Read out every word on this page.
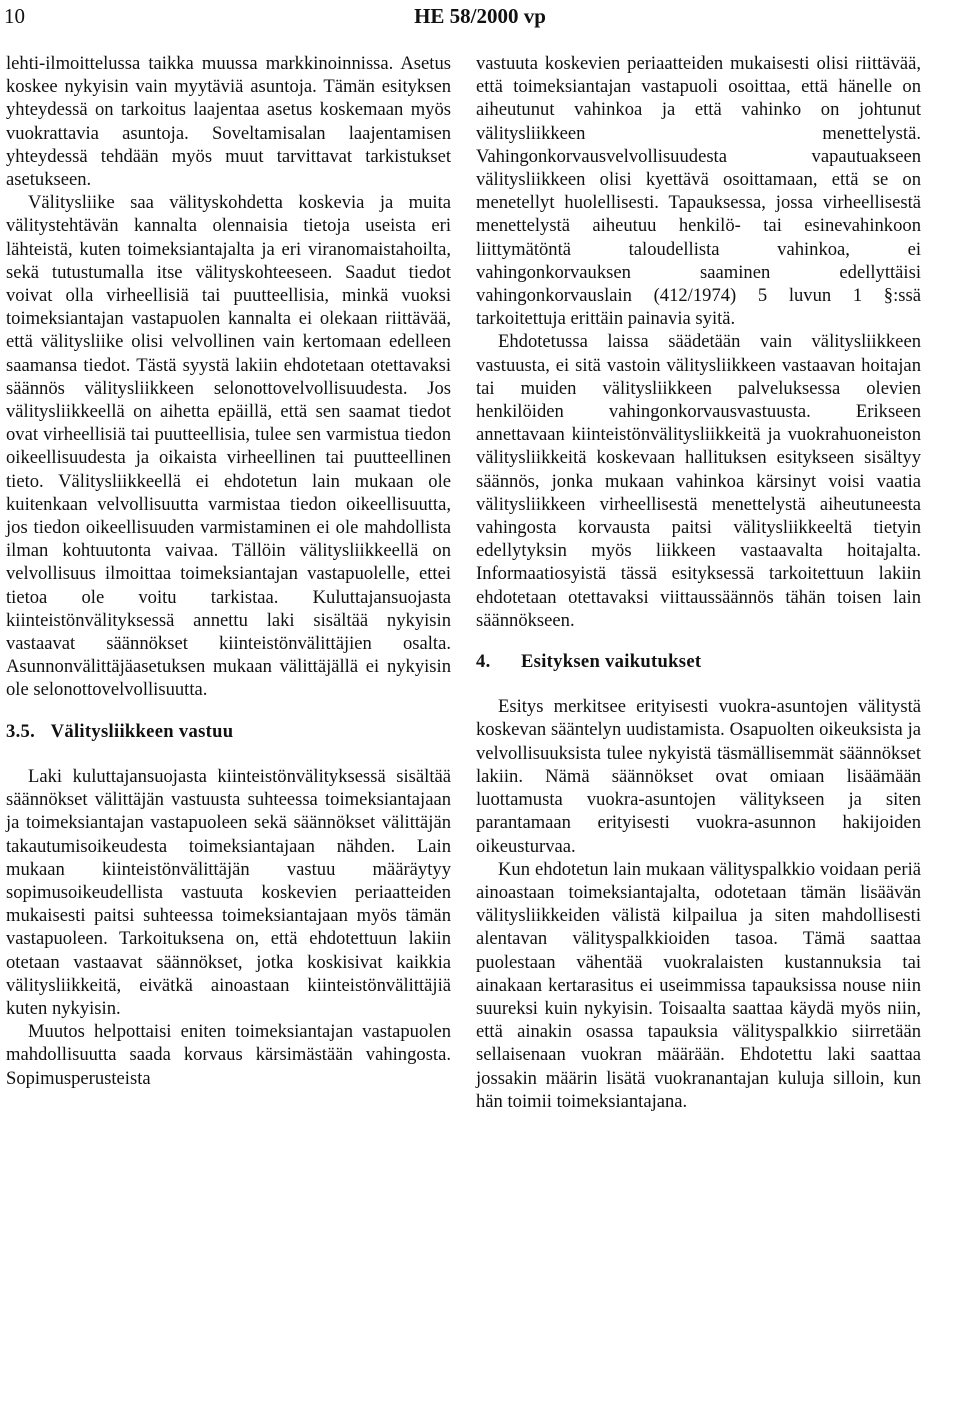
10	HE 58/2000 vp

lehti-ilmoittelussa taikka muussa markkinoinnissa. Asetus koskee nykyisin vain myytäviä asuntoja. Tämän esityksen yhteydessä on tarkoitus laajentaa asetus koskemaan myös vuokrattavia asuntoja. Soveltamisalan laajentamisen yhteydessä tehdään myös muut tarvittavat tarkistukset asetukseen.

Välitysliike saa välityskohdetta koskevia ja muita välitystehtävän kannalta olennaisia tietoja useista eri lähteistä, kuten toimeksiantajalta ja eri viranomaistahoilta, sekä tutustumalla itse välityskohteeseen. Saadut tiedot voivat olla virheellisiä tai puutteellisia, minkä vuoksi toimeksiantajan vastapuolen kannalta ei olekaan riittävää, että välitysliike olisi velvollinen vain kertomaan edelleen saamansa tiedot. Tästä syystä lakiin ehdotetaan otettavaksi säännös välitysliikkeen selonottovelvollisuudesta. Jos välitysliikkeellä on aihetta epäillä, että sen saamat tiedot ovat virheellisiä tai puutteellisia, tulee sen varmistua tiedon oikeellisuudesta ja oikaista virheellinen tai puutteellinen tieto. Välitysliikkeellä ei ehdotetun lain mukaan ole kuitenkaan velvollisuutta varmistaa tiedon oikeellisuutta, jos tiedon oikeellisuuden varmistaminen ei ole mahdollista ilman kohtuutonta vaivaa. Tällöin välitysliikkeellä on velvollisuus ilmoittaa toimeksiantajan vastapuolelle, ettei tietoa ole voitu tarkistaa. Kuluttajansuojasta kiinteistönvälityksessä annettu laki sisältää nykyisin vastaavat säännökset kiinteistönvälittäjien osalta. Asunnonvälittäjäasetuksen mukaan välittäjällä ei nykyisin ole selonottovelvollisuutta.

3.5. Välitysliikkeen vastuu

Laki kuluttajansuojasta kiinteistönvälityksessä sisältää säännökset välittäjän vastuusta suhteessa toimeksiantajaan ja toimeksiantajan vastapuoleen sekä säännökset välittäjän takautumisoikeudesta toimeksiantajaan nähden. Lain mukaan kiinteistönvälittäjän vastuu määräytyy sopimusoikeudellista vastuuta koskevien periaatteiden mukaisesti paitsi suhteessa toimeksiantajaan myös tämän vastapuoleen. Tarkoituksena on, että ehdotettuun lakiin otetaan vastaavat säännökset, jotka koskisivat kaikkia välitysliikkeitä, eivätkä ainoastaan kiinteistönvälittäjiä kuten nykyisin.

Muutos helpottaisi eniten toimeksiantajan vastapuolen mahdollisuutta saada korvaus kärsimästään vahingosta. Sopimusperusteista

vastuuta koskevien periaatteiden mukaisesti olisi riittävää, että toimeksiantajan vastapuoli osoittaa, että hänelle on aiheutunut vahinkoa ja että vahinko on johtunut välitysliikkeen menettelystä. Vahingonkorvausvelvollisuudesta vapautuakseen välitysliikkeen olisi kyettävä osoittamaan, että se on menetellyt huolellisesti. Tapauksessa, jossa virheellisestä menettelystä aiheutuu henkilö- tai esinevahinkoon liittymätöntä taloudellista vahinkoa, ei vahingonkorvauksen saaminen edellyttäisi vahingonkorvauslain (412/1974) 5 luvun 1 §:ssä tarkoitettuja erittäin painavia syitä.

Ehdotetussa laissa säädetään vain välitysliikkeen vastuusta, ei sitä vastoin välitysliikkeen vastaavan hoitajan tai muiden välitysliikkeen palveluksessa olevien henkilöiden vahingonkorvausvastuusta. Erikseen annettavaan kiinteistönvälitysliikkeitä ja vuokrahuoneiston välitysliikkeitä koskevaan hallituksen esitykseen sisältyy säännös, jonka mukaan vahinkoa kärsinyt voisi vaatia välitysliikkeen virheellisestä menettelystä aiheutuneesta vahingosta korvausta paitsi välitysliikkeeltä tietyin edellytyksin myös liikkeen vastaavalta hoitajalta. Informaatiosyistä tässä esityksessä tarkoitettuun lakiin ehdotetaan otettavaksi viittaussäännös tähän toisen lain säännökseen.

4. Esityksen vaikutukset

Esitys merkitsee erityisesti vuokra-asuntojen välitystä koskevan sääntelyn uudistamista. Osapuolten oikeuksista ja velvollisuuksista tulee nykyistä täsmällisemmät säännökset lakiin. Nämä säännökset ovat omiaan lisäämään luottamusta vuokra-asuntojen välitykseen ja siten parantamaan erityisesti vuokra-asunnon hakijoiden oikeusturvaa.

Kun ehdotetun lain mukaan välityspalkkio voidaan periä ainoastaan toimeksiantajalta, odotetaan tämän lisäävän välitysliikkeiden välistä kilpailua ja siten mahdollisesti alentavan välityspalkkioiden tasoa. Tämä saattaa puolestaan vähentää vuokralaisten kustannuksia tai ainakaan kertarasitus ei useimmissa tapauksissa nouse niin suureksi kuin nykyisin. Toisaalta saattaa käydä myös niin, että ainakin osassa tapauksia välityspalkkio siirretään sellaisenaan vuokran määrään. Ehdotettu laki saattaa jossakin määrin lisätä vuokranantajan kuluja silloin, kun hän toimii toimeksiantajana.
